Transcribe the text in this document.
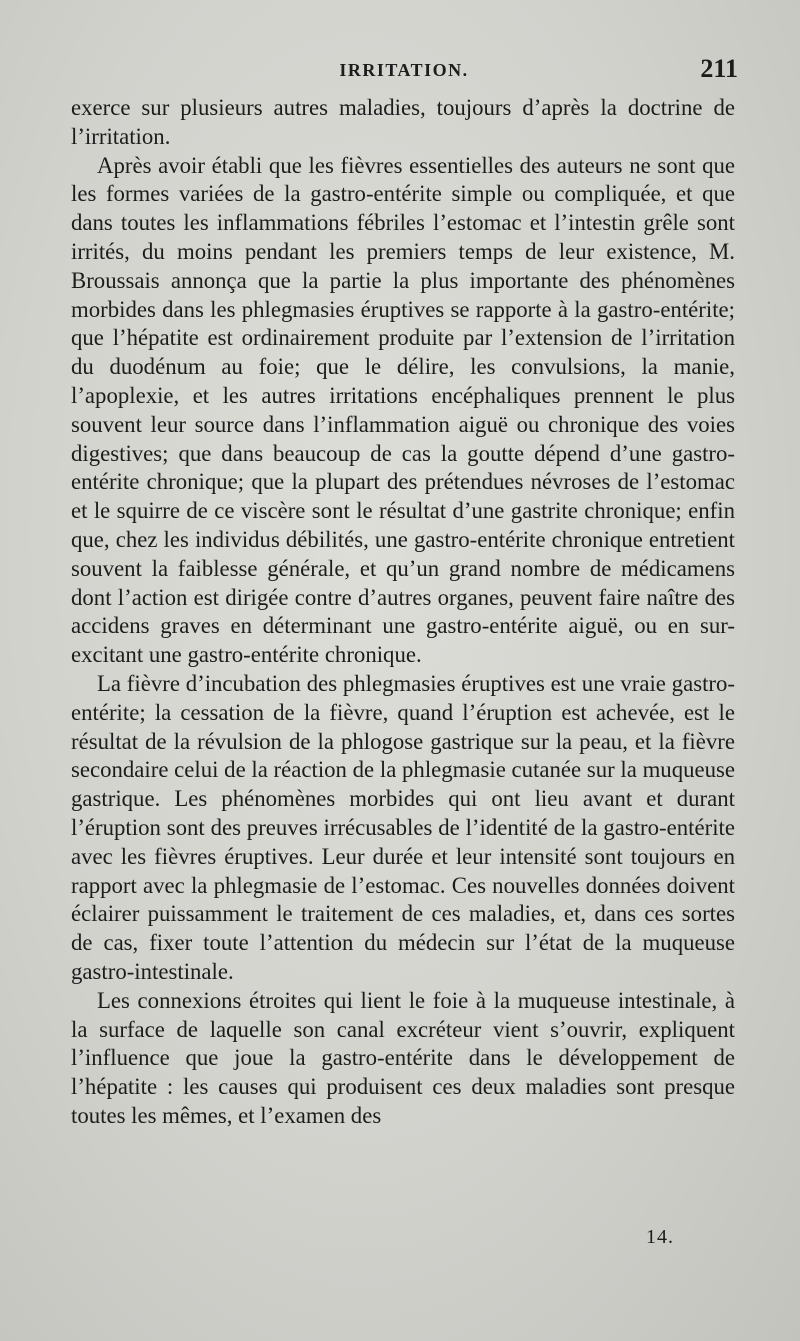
IRRITATION.	211

exerce sur plusieurs autres maladies, toujours d’après la doctrine de l’irritation.

Après avoir établi que les fièvres essentielles des auteurs ne sont que les formes variées de la gastro-entérite simple ou compliquée, et que dans toutes les inflammations fébriles l’estomac et l’intestin grêle sont irrités, du moins pendant les premiers temps de leur existence, M. Broussais annonça que la partie la plus importante des phénomènes morbides dans les phlegmasies éruptives se rapporte à la gastro-entérite; que l’hépatite est ordinairement produite par l’extension de l’irritation du duodénum au foie; que le délire, les convulsions, la manie, l’apoplexie, et les autres irritations encéphaliques prennent le plus souvent leur source dans l’inflammation aiguë ou chronique des voies digestives; que dans beaucoup de cas la goutte dépend d’une gastro-entérite chronique; que la plupart des prétendues névroses de l’estomac et le squirre de ce viscère sont le résultat d’une gastrite chronique; enfin que, chez les individus débilités, une gastro-entérite chronique entretient souvent la faiblesse générale, et qu’un grand nombre de médicamens dont l’action est dirigée contre d’autres organes, peuvent faire naître des accidens graves en déterminant une gastro-entérite aiguë, ou en sur-excitant une gastro-entérite chronique.

La fièvre d’incubation des phlegmasies éruptives est une vraie gastro-entérite; la cessation de la fièvre, quand l’éruption est achevée, est le résultat de la révulsion de la phlogose gastrique sur la peau, et la fièvre secondaire celui de la réaction de la phlegmasie cutanée sur la muqueuse gastrique. Les phénomènes morbides qui ont lieu avant et durant l’éruption sont des preuves irrécusables de l’identité de la gastro-entérite avec les fièvres éruptives. Leur durée et leur intensité sont toujours en rapport avec la phlegmasie de l’estomac. Ces nouvelles données doivent éclairer puissamment le traitement de ces maladies, et, dans ces sortes de cas, fixer toute l’attention du médecin sur l’état de la muqueuse gastro-intestinale.

Les connexions étroites qui lient le foie à la muqueuse intestinale, à la surface de laquelle son canal excréteur vient s’ouvrir, expliquent l’influence que joue la gastro-entérite dans le développement de l’hépatite : les causes qui produisent ces deux maladies sont presque toutes les mêmes, et l’examen des

14.
